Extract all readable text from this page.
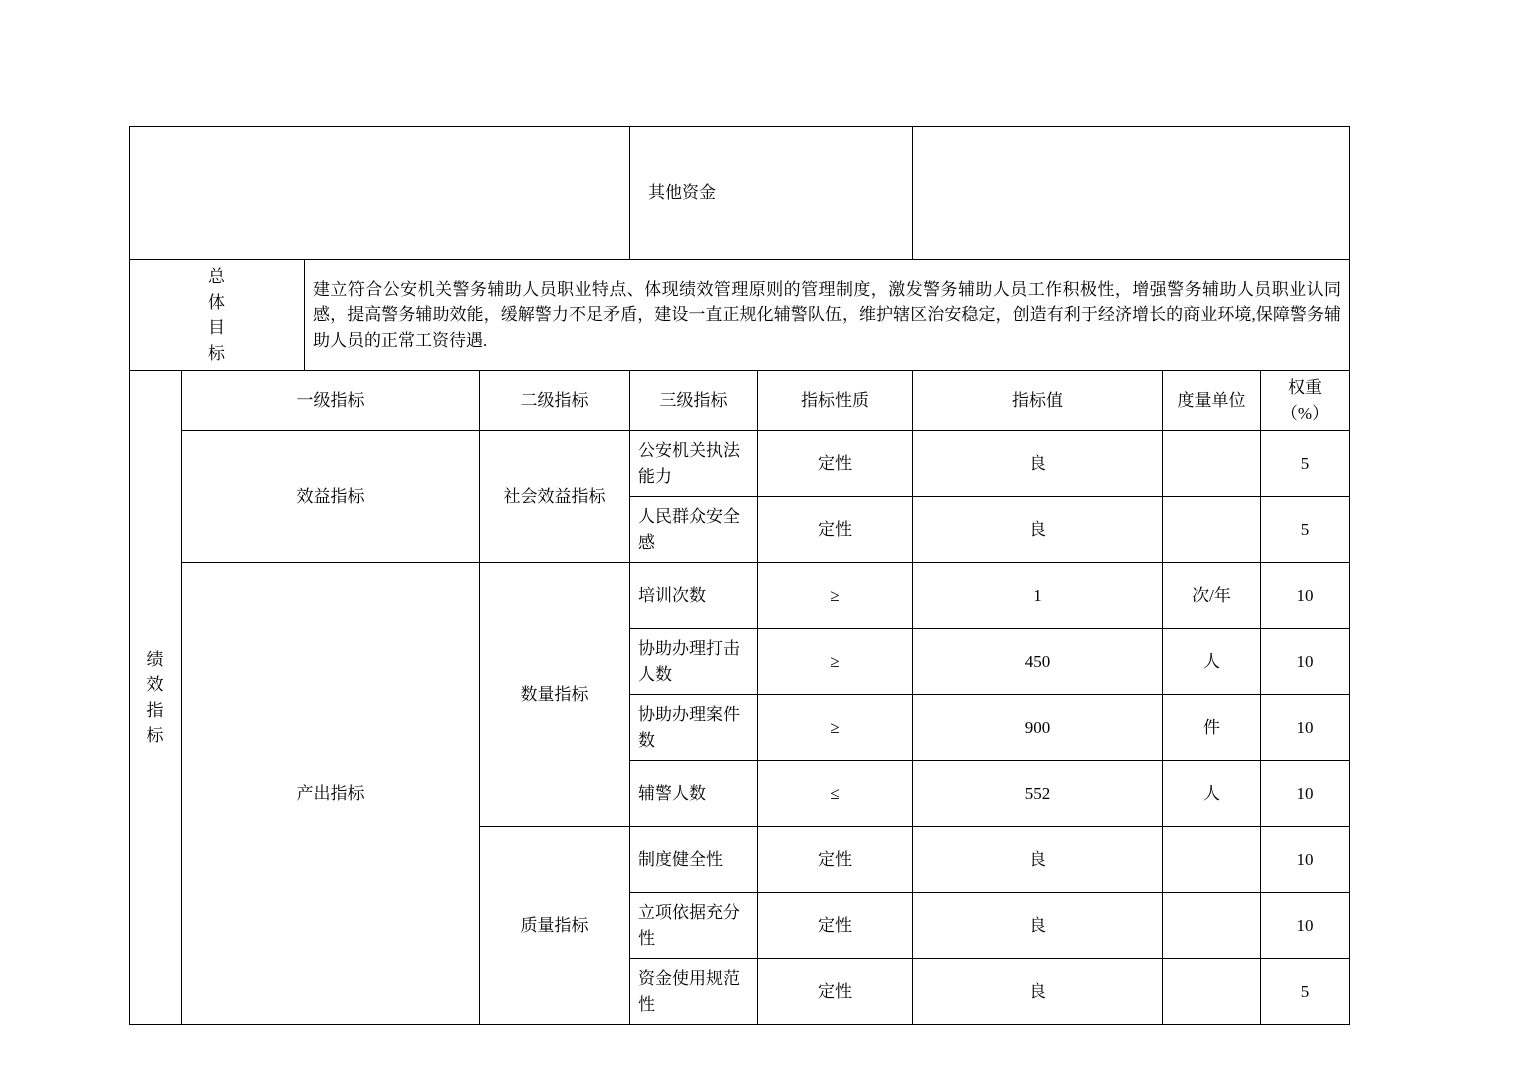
				其他资金				

总
体
目
标		建立符合公安机关警务辅助人员职业特点、体现绩效管理原则的管理制度，激发警务辅助人员工作积极性，增强警务辅助人员职业认同感，提高警务辅助效能，缓解警力不足矛盾，建设一直正规化辅警队伍，维护辖区治安稳定，创造有利于经济增长的商业环境,保障警务辅助人员的正常工资待遇.						

绩
效
指
标	一级指标		二级指标	三级指标	指标性质	指标值	度量单位	权重（%）
	效益指标		社会效益指标	公安机关执法能力	定性	良		5
				人民群众安全感	定性	良		5
	产出指标		数量指标	培训次数	≥	1	次/年	10
				协助办理打击人数	≥	450	人	10
				协助办理案件数	≥	900	件	10
				辅警人数	≤	552	人	10
			质量指标	制度健全性	定性	良		10
				立项依据充分性	定性	良		10
				资金使用规范性	定性	良		5
